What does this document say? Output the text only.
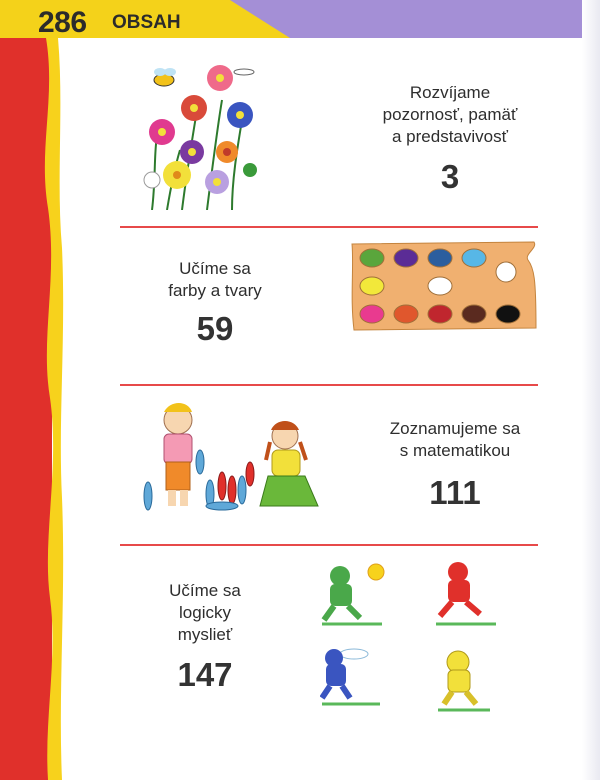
286 OBSAH
Rozvíjame
pozornosť, pamäť
a predstavivosť
3
Učíme sa
farby a tvary
59
Zoznamujeme sa
s matematikou
111
Učíme sa
logicky
myslieť
147
